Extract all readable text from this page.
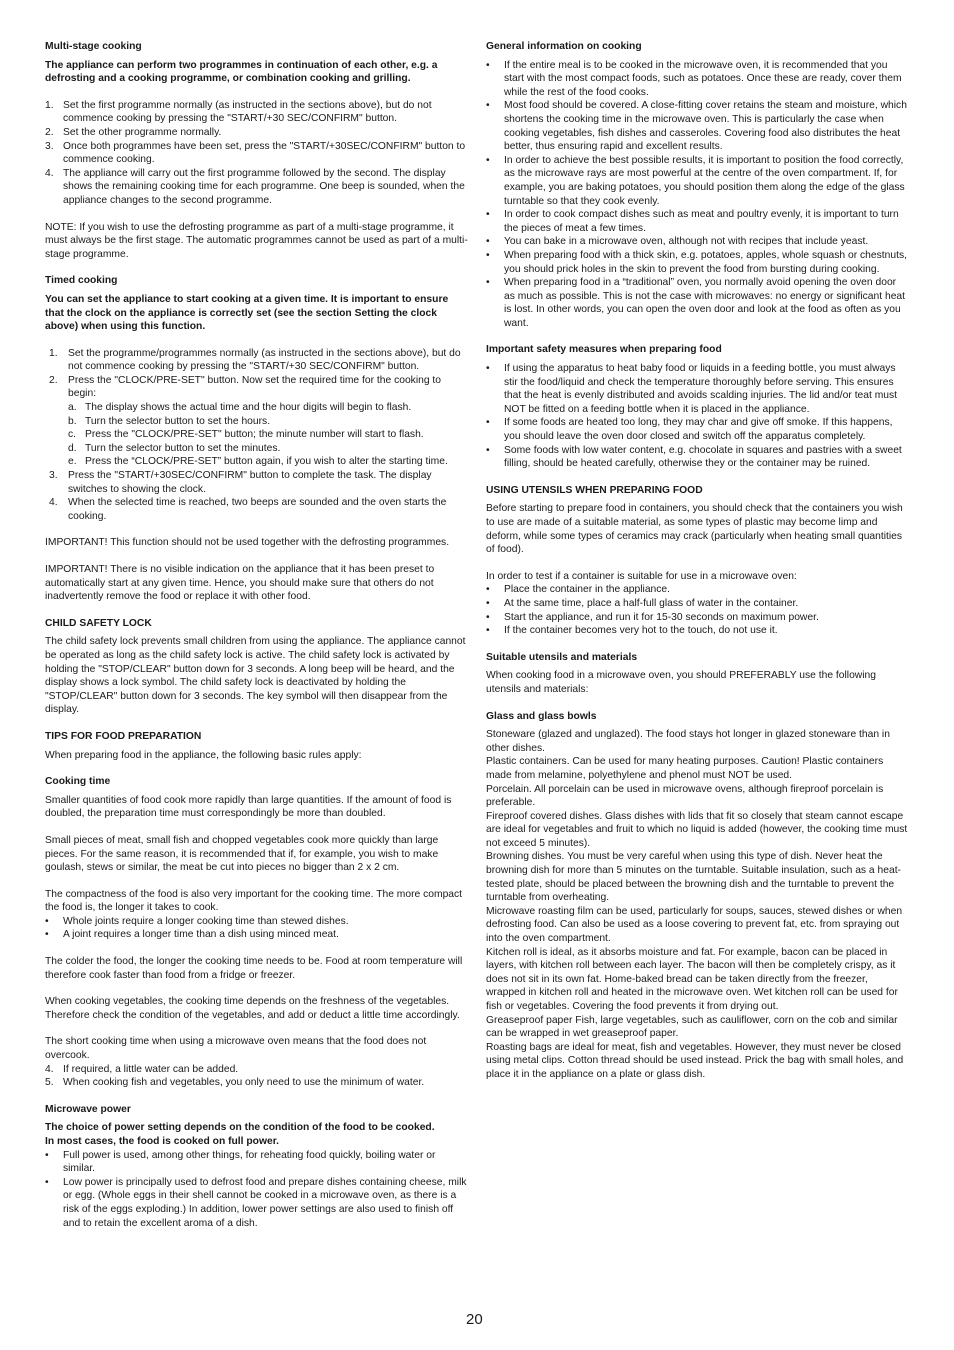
Multi-stage cooking

The appliance can perform two programmes in continuation of each other, e.g. a defrosting and a cooking programme, or combination cooking and grilling.

1. Set the first programme normally (as instructed in the sections above), but do not commence cooking by pressing the "START/+30 SEC/CONFIRM" button.
2. Set the other programme normally.
3. Once both programmes have been set, press the "START/+30SEC/CONFIRM" button to commence cooking.
4. The appliance will carry out the first programme followed by the second. The display shows the remaining cooking time for each programme. One beep is sounded, when the appliance changes to the second programme.

NOTE: If you wish to use the defrosting programme as part of a multi-stage programme, it must always be the first stage. The automatic programmes cannot be used as part of a multi-stage programme.

Timed cooking

You can set the appliance to start cooking at a given time. It is important to ensure that the clock on the appliance is correctly set (see the section Setting the clock above) when using this function.

1. Set the programme/programmes normally (as instructed in the sections above), but do not commence cooking by pressing the "START/+30 SEC/CONFIRM" button.
2. Press the "CLOCK/PRE-SET" button. Now set the required time for the cooking to begin:
a. The display shows the actual time and the hour digits will begin to flash.
b. Turn the selector button to set the hours.
c. Press the "CLOCK/PRE-SET" button; the minute number will start to flash.
d. Turn the selector button to set the minutes.
e. Press the “CLOCK/PRE-SET” button again, if you wish to alter the starting time.
3. Press the "START/+30SEC/CONFIRM" button to complete the task. The display switches to showing the clock.
4. When the selected time is reached, two beeps are sounded and the oven starts the cooking.

IMPORTANT! This function should not be used together with the defrosting programmes.

IMPORTANT! There is no visible indication on the appliance that it has been preset to automatically start at any given time. Hence, you should make sure that others do not inadvertently remove the food or replace it with other food.

CHILD SAFETY LOCK

The child safety lock prevents small children from using the appliance. The appliance cannot be operated as long as the child safety lock is active. The child safety lock is activated by holding the "STOP/CLEAR" button down for 3 seconds. A long beep will be heard, and the display shows a lock symbol. The child safety lock is deactivated by holding the "STOP/CLEAR" button down for 3 seconds. The key symbol will then disappear from the display.

TIPS FOR FOOD PREPARATION

When preparing food in the appliance, the following basic rules apply:

Cooking time

Smaller quantities of food cook more rapidly than large quantities. If the amount of food is doubled, the preparation time must correspondingly be more than doubled.

Small pieces of meat, small fish and chopped vegetables cook more quickly than large pieces. For the same reason, it is recommended that if, for example, you wish to make goulash, stews or similar, the meat be cut into pieces no bigger than 2 x 2 cm.

The compactness of the food is also very important for the cooking time. The more compact the food is, the longer it takes to cook.

• Whole joints require a longer cooking time than stewed dishes.
• A joint requires a longer time than a dish using minced meat.

The colder the food, the longer the cooking time needs to be. Food at room temperature will therefore cook faster than food from a fridge or freezer.

When cooking vegetables, the cooking time depends on the freshness of the vegetables. Therefore check the condition of the vegetables, and add or deduct a little time accordingly.

The short cooking time when using a microwave oven means that the food does not overcook.

4. If required, a little water can be added.
5. When cooking fish and vegetables, you only need to use the minimum of water.
Microwave power

The choice of power setting depends on the condition of the food to be cooked.

In most cases, the food is cooked on full power.

• Full power is used, among other things, for reheating food quickly, boiling water or similar.
• Low power is principally used to defrost food and prepare dishes containing cheese, milk or egg. (Whole eggs in their shell cannot be cooked in a microwave oven, as there is a risk of the eggs exploding.) In addition, lower power settings are also used to finish off and to retain the excellent aroma of a dish.
General information on cooking
• If the entire meal is to be cooked in the microwave oven, it is recommended that you start with the most compact foods, such as potatoes. Once these are ready, cover them while the rest of the food cooks.
• Most food should be covered. A close-fitting cover retains the steam and moisture, which shortens the cooking time in the microwave oven. This is particularly the case when cooking vegetables, fish dishes and casseroles. Covering food also distributes the heat better, thus ensuring rapid and excellent results.
• In order to achieve the best possible results, it is important to position the food correctly, as the microwave rays are most powerful at the centre of the oven compartment. If, for example, you are baking potatoes, you should position them along the edge of the glass turntable so that they cook evenly.
• In order to cook compact dishes such as meat and poultry evenly, it is important to turn the pieces of meat a few times.
• You can bake in a microwave oven, although not with recipes that include yeast.
• When preparing food with a thick skin, e.g. potatoes, apples, whole squash or chestnuts, you should prick holes in the skin to prevent the food from bursting during cooking.
• When preparing food in a “traditional” oven, you normally avoid opening the oven door as much as possible. This is not the case with microwaves: no energy or significant heat is lost. In other words, you can open the oven door and look at the food as often as you want.
Important safety measures when preparing food
• If using the apparatus to heat baby food or liquids in a feeding bottle, you must always stir the food/liquid and check the temperature thoroughly before serving. This ensures that the heat is evenly distributed and avoids scalding injuries. The lid and/or teat must NOT be fitted on a feeding bottle when it is placed in the appliance.
• If some foods are heated too long, they may char and give off smoke. If this happens, you should leave the oven door closed and switch off the apparatus completely.
• Some foods with low water content, e.g. chocolate in squares and pastries with a sweet filling, should be heated carefully, otherwise they or the container may be ruined.
USING UTENSILS WHEN PREPARING FOOD

Before starting to prepare food in containers, you should check that the containers you wish to use are made of a suitable material, as some types of plastic may become limp and deform, while some types of ceramics may crack (particularly when heating small quantities of food).

In order to test if a container is suitable for use in a microwave oven:

• Place the container in the appliance.
• At the same time, place a half-full glass of water in the container.
• Start the appliance, and run it for 15-30 seconds on maximum power.
• If the container becomes very hot to the touch, do not use it.
Suitable utensils and materials

When cooking food in a microwave oven, you should PREFERABLY use the following utensils and materials:

Glass and glass bowls
Stoneware (glazed and unglazed). The food stays hot longer in glazed stoneware than in other dishes.
Plastic containers. Can be used for many heating purposes. Caution! Plastic containers made from melamine, polyethylene and phenol must NOT be used.
Porcelain. All porcelain can be used in microwave ovens, although fireproof porcelain is preferable.
Fireproof covered dishes. Glass dishes with lids that fit so closely that steam cannot escape are ideal for vegetables and fruit to which no liquid is added (however, the cooking time must not exceed 5 minutes).
Browning dishes. You must be very careful when using this type of dish. Never heat the browning dish for more than 5 minutes on the turntable. Suitable insulation, such as a heat-tested plate, should be placed between the browning dish and the turntable to prevent the turntable from overheating.
Microwave roasting film can be used, particularly for soups, sauces, stewed dishes or when defrosting food. Can also be used as a loose covering to prevent fat, etc. from spraying out into the oven compartment.
Kitchen roll is ideal, as it absorbs moisture and fat. For example, bacon can be placed in layers, with kitchen roll between each layer. The bacon will then be completely crispy, as it does not sit in its own fat. Home-baked bread can be taken directly from the freezer, wrapped in kitchen roll and heated in the microwave oven. Wet kitchen roll can be used for fish or vegetables. Covering the food prevents it from drying out.
Greaseproof paper Fish, large vegetables, such as cauliflower, corn on the cob and similar can be wrapped in wet greaseproof paper.
Roasting bags are ideal for meat, fish and vegetables. However, they must never be closed using metal clips. Cotton thread should be used instead. Prick the bag with small holes, and place it in the appliance on a plate or glass dish.
20
